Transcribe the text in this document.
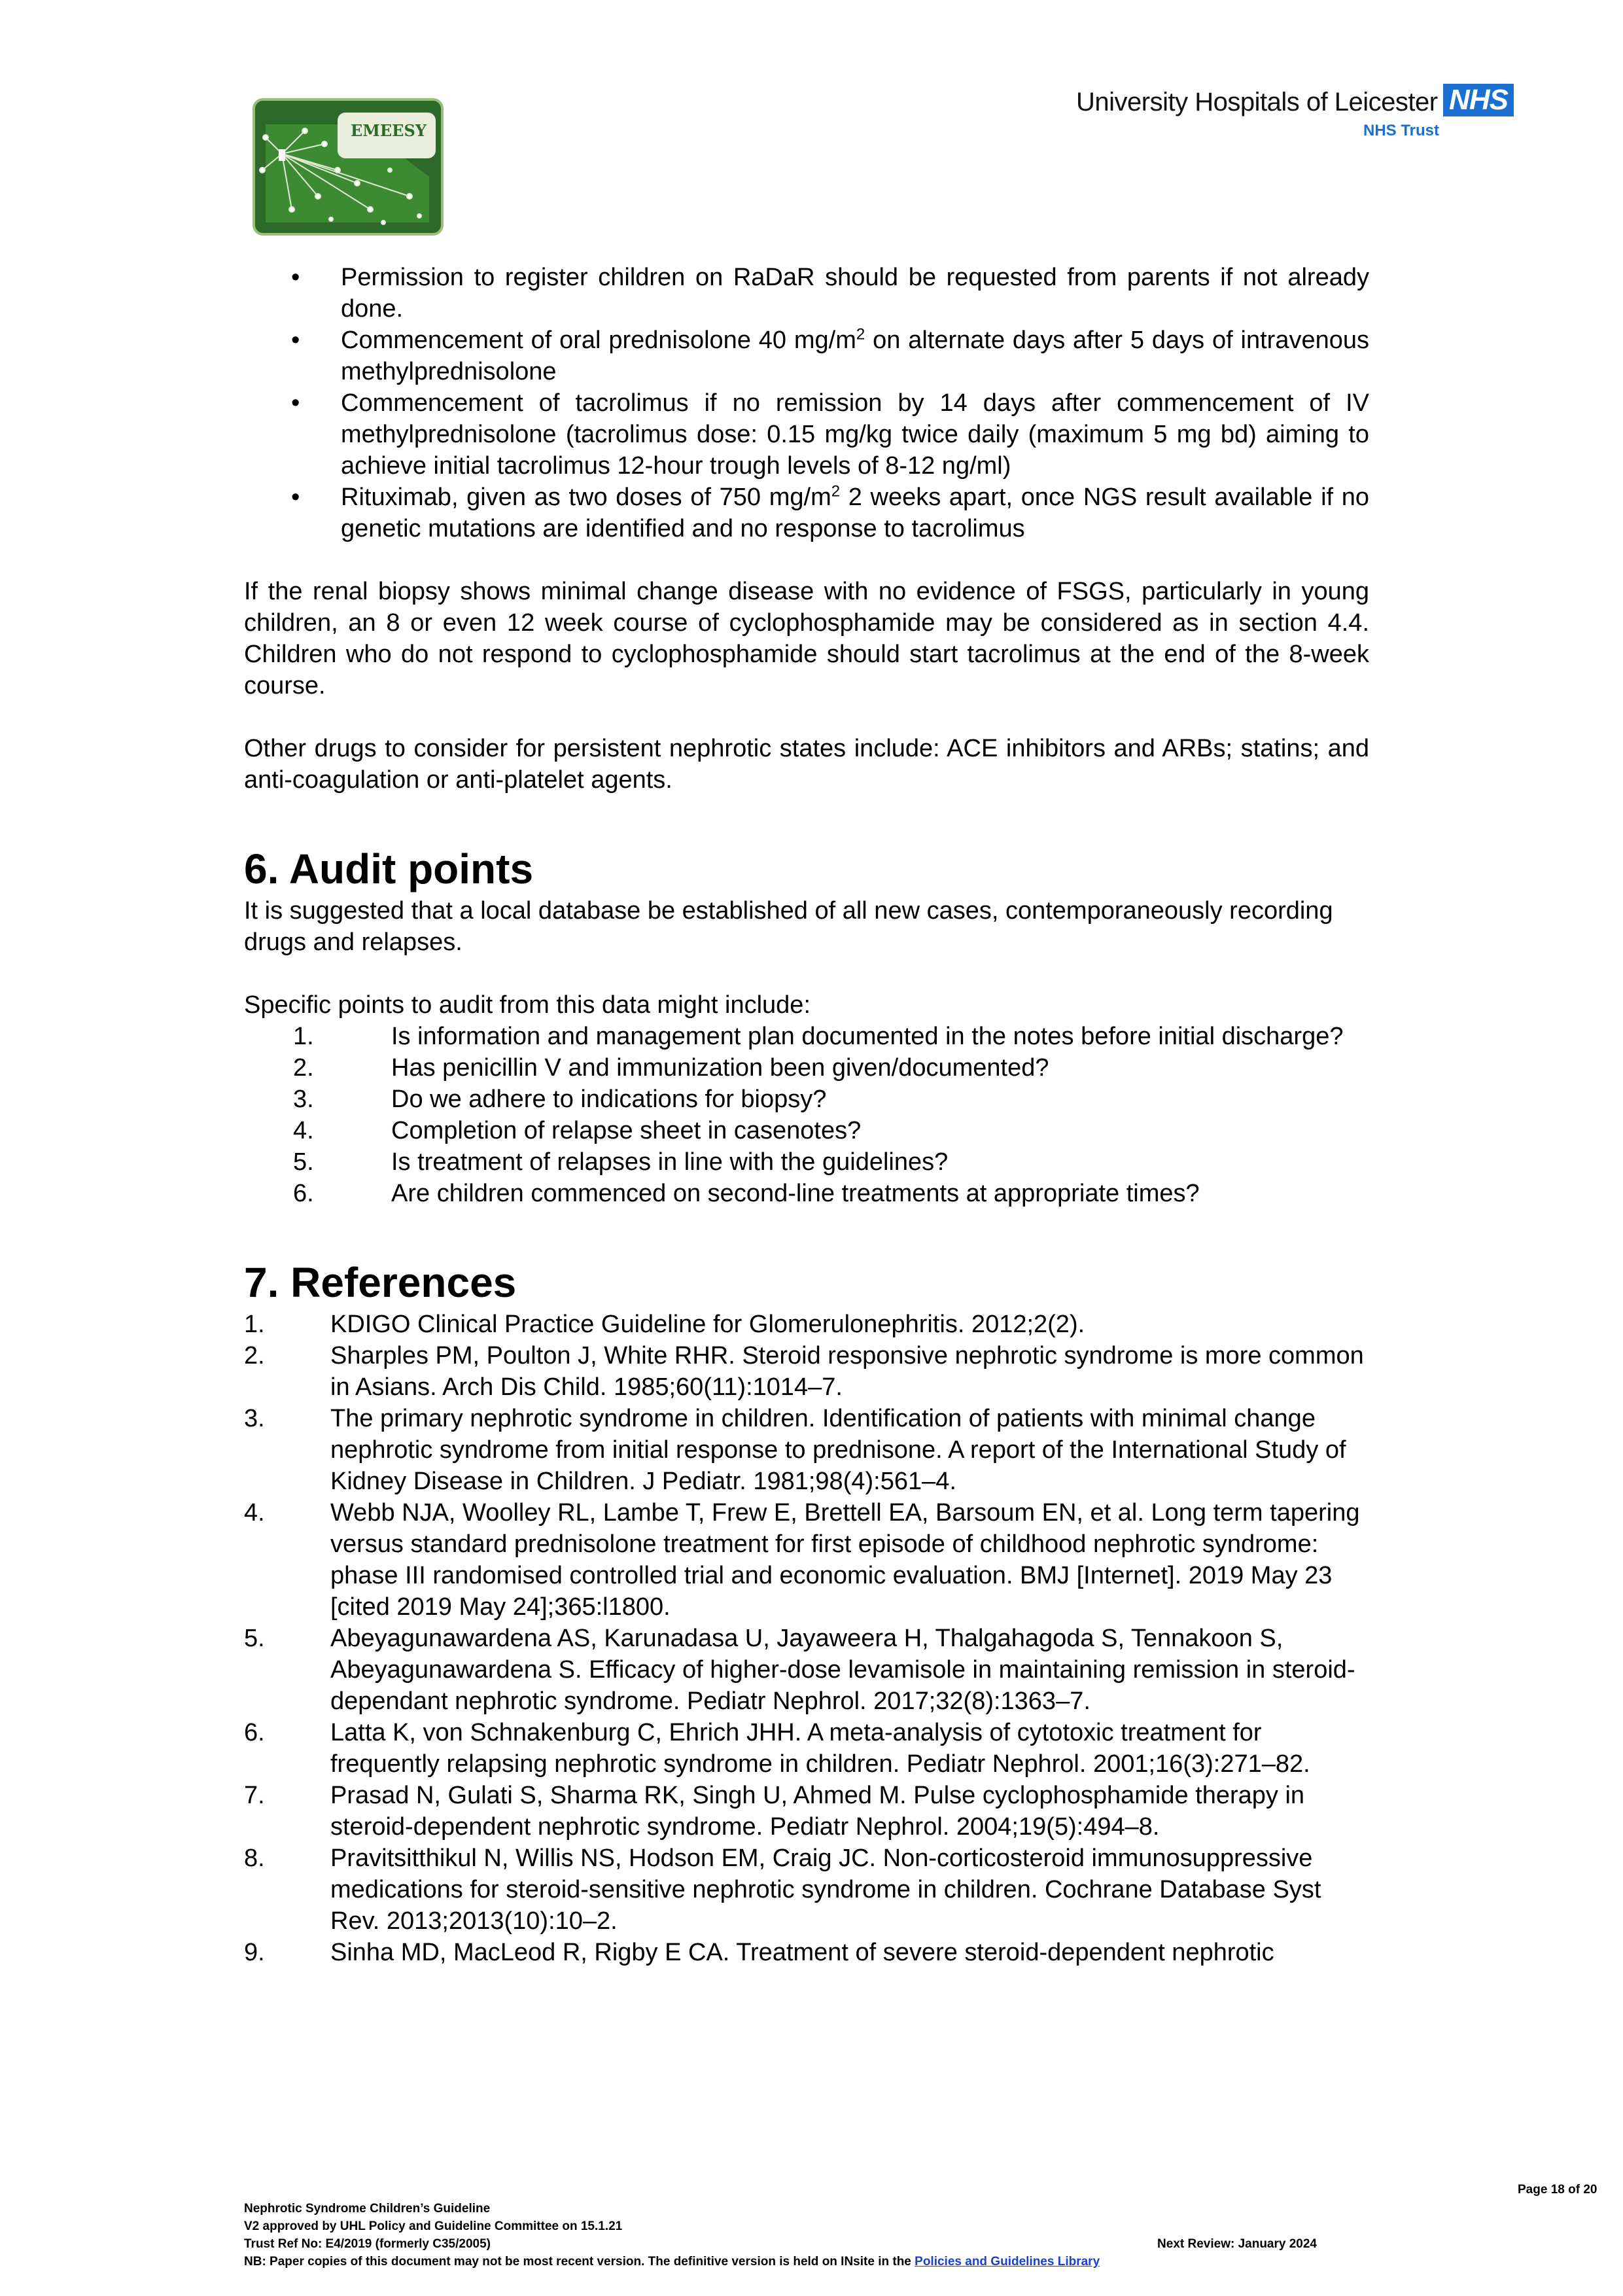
EMEESY
University Hospitals of Leicester NHS
NHS Trust
• Permission to register children on RaDaR should be requested from parents if not already done.
• Commencement of oral prednisolone 40 $mg/m^2$ on alternate days after 5 days of intravenous methylprednisolone
• Commencement of tacrolimus if no remission by 14 days after commencement of IV methylprednisolone (tacrolimus dose: 0.15 mg/kg twice daily (maximum 5 mg bd) aiming to achieve initial tacrolimus 12-hour trough levels of 8-12 ng/ml)
• Rituximab, given as two doses of 750 $mg/m^2$ 2 weeks apart, once NGS result available if no genetic mutations are identified and no response to tacrolimus

If the renal biopsy shows minimal change disease with no evidence of FSGS, particularly in young children, an 8 or even 12 week course of cyclophosphamide may be considered as in section 4.4. Children who do not respond to cyclophosphamide should start tacrolimus at the end of the 8-week course.

Other drugs to consider for persistent nephrotic states include: ACE inhibitors and ARBs; statins; and anti-coagulation or anti-platelet agents.

6. Audit points

It is suggested that a local database be established of all new cases, contemporaneously recording drugs and relapses.

Specific points to audit from this data might include:

1.	Is information and management plan documented in the notes before initial discharge?
2.	Has penicillin V and immunization been given/documented?
3.	Do we adhere to indications for biopsy?
4.	Completion of relapse sheet in casenotes?
5.	Is treatment of relapses in line with the guidelines?
6.	Are children commenced on second-line treatments at appropriate times?
7. References
1.	KDIGO Clinical Practice Guideline for Glomerulonephritis. 2012;2(2).
2.	Sharples PM, Poulton J, White RHR. Steroid responsive nephrotic syndrome is more common in Asians. Arch Dis Child. 1985;60(11):1014–7.
3.	The primary nephrotic syndrome in children. Identification of patients with minimal change nephrotic syndrome from initial response to prednisone. A report of the International Study of Kidney Disease in Children. J Pediatr. 1981;98(4):561–4.
4.	Webb NJA, Woolley RL, Lambe T, Frew E, Brettell EA, Barsoum EN, et al. Long term tapering versus standard prednisolone treatment for first episode of childhood nephrotic syndrome: phase III randomised controlled trial and economic evaluation. BMJ [Internet]. 2019 May 23 [cited 2019 May 24];365:l1800.
5.	Abeyagunawardena AS, Karunadasa U, Jayaweera H, Thalgahagoda S, Tennakoon S, Abeyagunawardena S. Efficacy of higher-dose levamisole in maintaining remission in steroid-dependant nephrotic syndrome. Pediatr Nephrol. 2017;32(8):1363–7.
6.	Latta K, von Schnakenburg C, Ehrich JHH. A meta-analysis of cytotoxic treatment for frequently relapsing nephrotic syndrome in children. Pediatr Nephrol. 2001;16(3):271–82.
7.	Prasad N, Gulati S, Sharma RK, Singh U, Ahmed M. Pulse cyclophosphamide therapy in steroid-dependent nephrotic syndrome. Pediatr Nephrol. 2004;19(5):494–8.
8.	Pravitsitthikul N, Willis NS, Hodson EM, Craig JC. Non-corticosteroid immunosuppressive medications for steroid-sensitive nephrotic syndrome in children. Cochrane Database Syst Rev. 2013;2013(10):10–2.
9.	Sinha MD, MacLeod R, Rigby E CA. Treatment of severe steroid-dependent nephrotic
Page 18 of 20
Nephrotic Syndrome Children’s Guideline
V2 approved by UHL Policy and Guideline Committee on 15.1.21
Trust Ref No: E4/2019 (formerly C35/2005)	Next Review: January 2024
NB: Paper copies of this document may not be most recent version. The definitive version is held on INsite in the Policies and Guidelines Library
